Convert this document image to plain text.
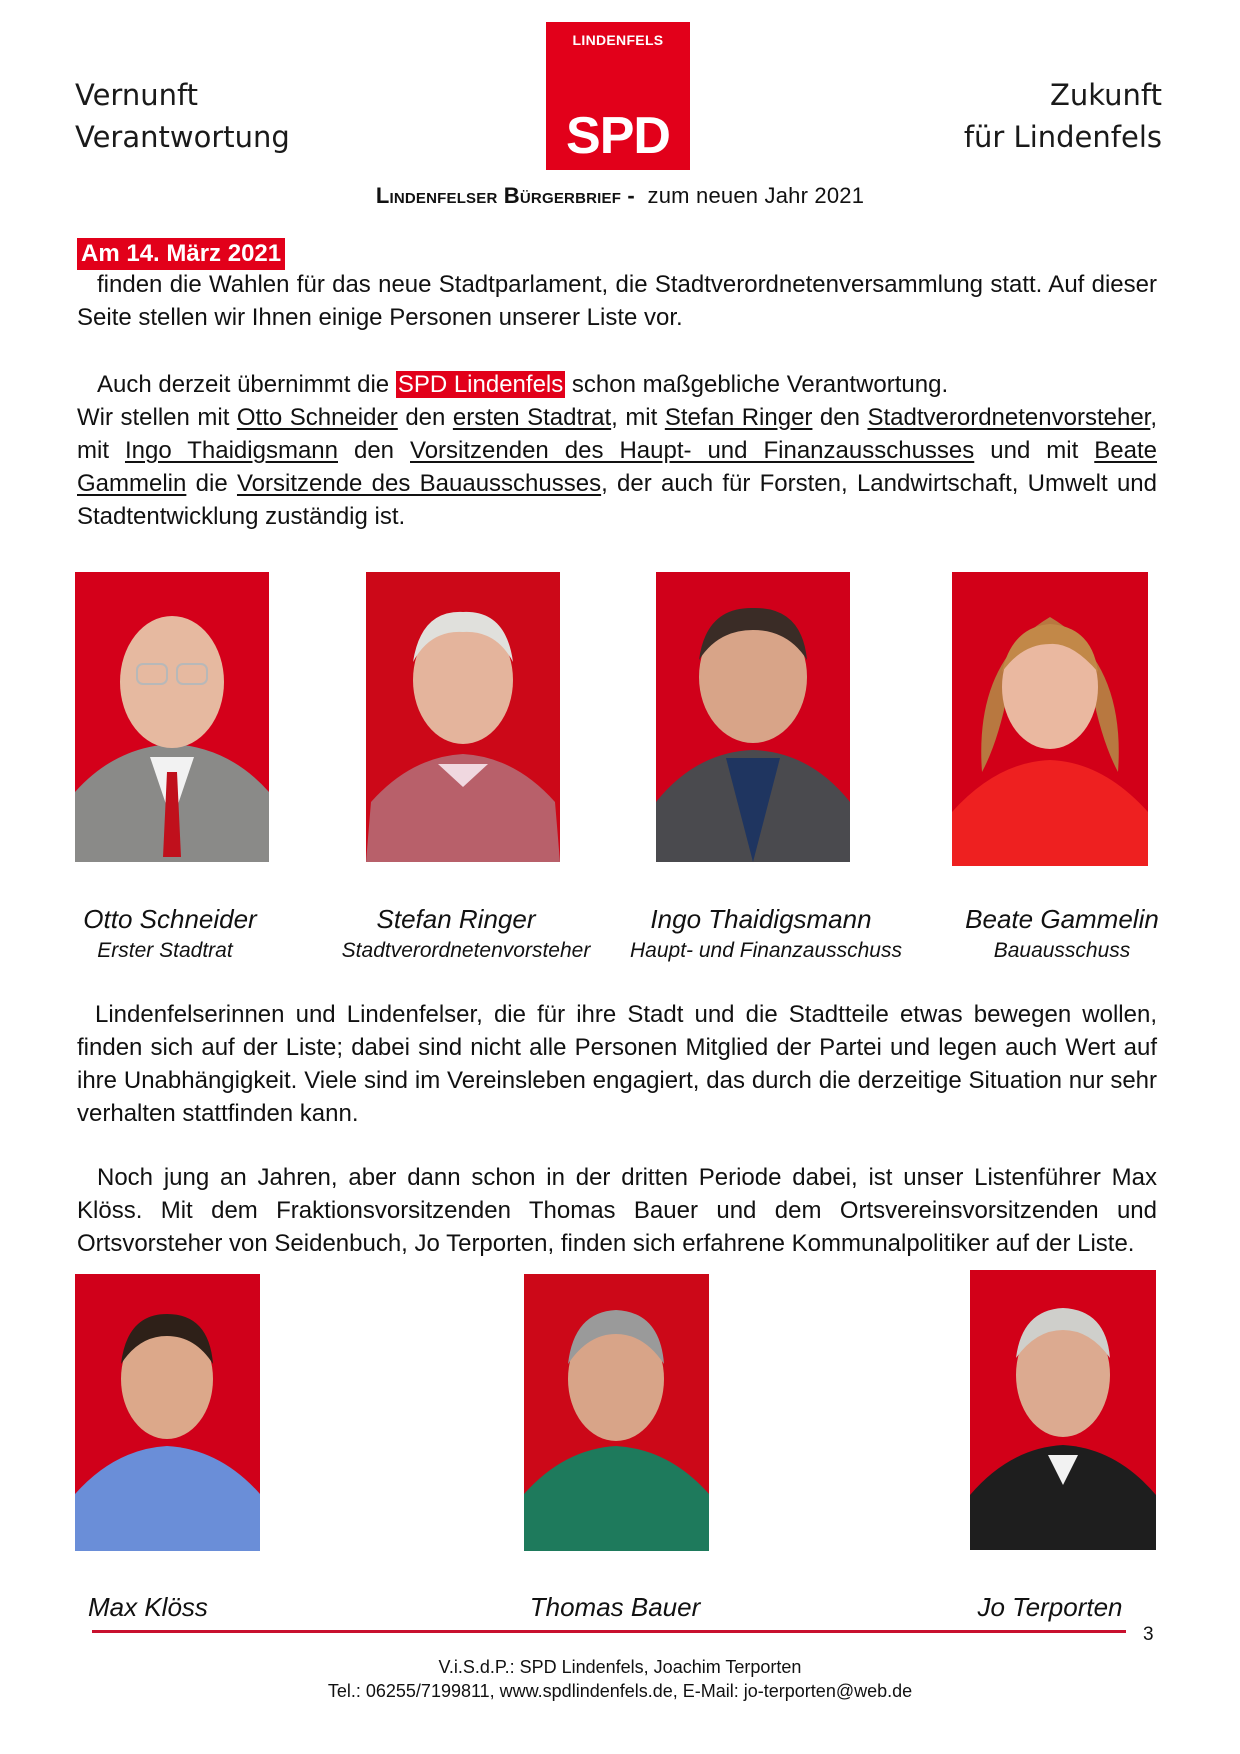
Vernunft
Verantwortung
LINDENFELS
SPD
Zukunft
für Lindenfels
Lindenfelser Bürgerbrief -  zum neuen Jahr 2021
Am 14. März 2021
finden die Wahlen für das neue Stadtparlament, die Stadtverordnetenversammlung statt. Auf dieser Seite stellen wir Ihnen einige Personen unserer Liste vor.
Auch derzeit übernimmt die SPD Lindenfels schon maßgebliche Verantwortung.
Wir stellen mit Otto Schneider den ersten Stadtrat, mit Stefan Ringer den Stadtverordnetenvorsteher, mit Ingo Thaidigsmann den Vorsitzenden des Haupt- und Finanzausschusses und mit Beate Gammelin die Vorsitzende des Bauausschusses, der auch für Forsten, Landwirtschaft, Umwelt und Stadtentwicklung zuständig ist.
Otto Schneider
Erster Stadtrat
Stefan Ringer
Stadtverordnetenvorsteher
Ingo Thaidigsmann
Haupt- und Finanzausschuss
Beate Gammelin
Bauausschuss
Lindenfelserinnen und Lindenfelser, die für ihre Stadt und die Stadtteile etwas bewegen wollen, finden sich auf der Liste; dabei sind nicht alle Personen Mitglied der Partei und legen auch Wert auf ihre Unabhängigkeit. Viele sind im Vereinsleben engagiert, das durch die derzeitige Situation nur sehr verhalten stattfinden kann.
Noch jung an Jahren, aber dann schon in der dritten Periode dabei, ist unser Listenführer Max Klöss. Mit dem Fraktionsvorsitzenden Thomas Bauer und dem Ortsvereinsvorsitzenden und Ortsvorsteher von Seidenbuch, Jo Terporten, finden sich erfahrene Kommunalpolitiker auf der Liste.
Max Klöss	Thomas Bauer	Jo Terporten
3
V.i.S.d.P.: SPD Lindenfels, Joachim Terporten
Tel.: 06255/7199811, www.spdlindenfels.de, E-Mail: jo-terporten@web.de
